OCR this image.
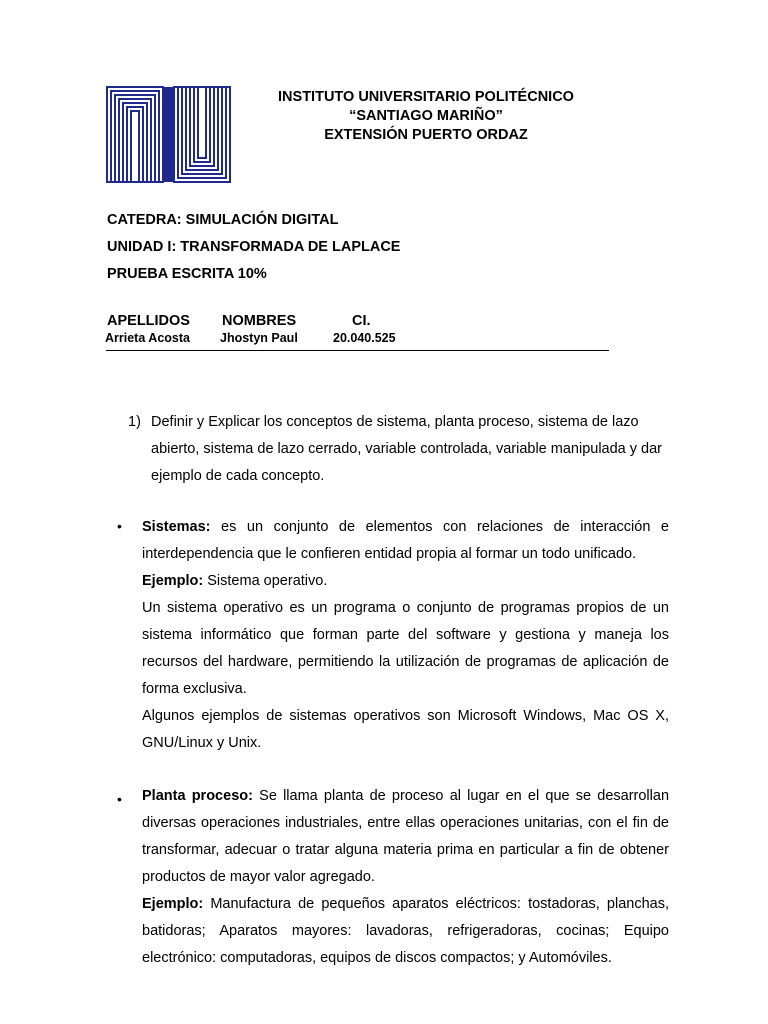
INSTITUTO UNIVERSITARIO POLITÉCNICO
“SANTIAGO MARIÑO”
EXTENSIÓN PUERTO ORDAZ
CATEDRA: SIMULACIÓN DIGITAL
UNIDAD I: TRANSFORMADA DE LAPLACE
PRUEBA ESCRITA 10%
APELLIDOS NOMBRES	CI.
Arrieta Acosta Jhostyn Paul	20.040.525
1) Definir y Explicar los conceptos de sistema, planta proceso, sistema de lazo abierto, sistema de lazo cerrado, variable controlada, variable manipulada y dar ejemplo de cada concepto.
• Sistemas: es un conjunto de elementos con relaciones de interacción e interdependencia que le confieren entidad propia al formar un todo unificado.

Ejemplo: Sistema operativo.

Un sistema operativo es un programa o conjunto de programas propios de un sistema informático que forman parte del software y gestiona y maneja los recursos del hardware, permitiendo la utilización de programas de aplicación de forma exclusiva.

Algunos ejemplos de sistemas operativos son Microsoft Windows, Mac OS X, GNU/Linux y Unix.

• Planta proceso: Se llama planta de proceso al lugar en el que se desarrollan diversas operaciones industriales, entre ellas operaciones unitarias, con el fin de transformar, adecuar o tratar alguna materia prima en particular a fin de obtener productos de mayor valor agregado.

Ejemplo: Manufactura de pequeños aparatos eléctricos: tostadoras, planchas, batidoras; Aparatos mayores: lavadoras, refrigeradoras, cocinas; Equipo electrónico: computadoras, equipos de discos compactos; y Automóviles.
